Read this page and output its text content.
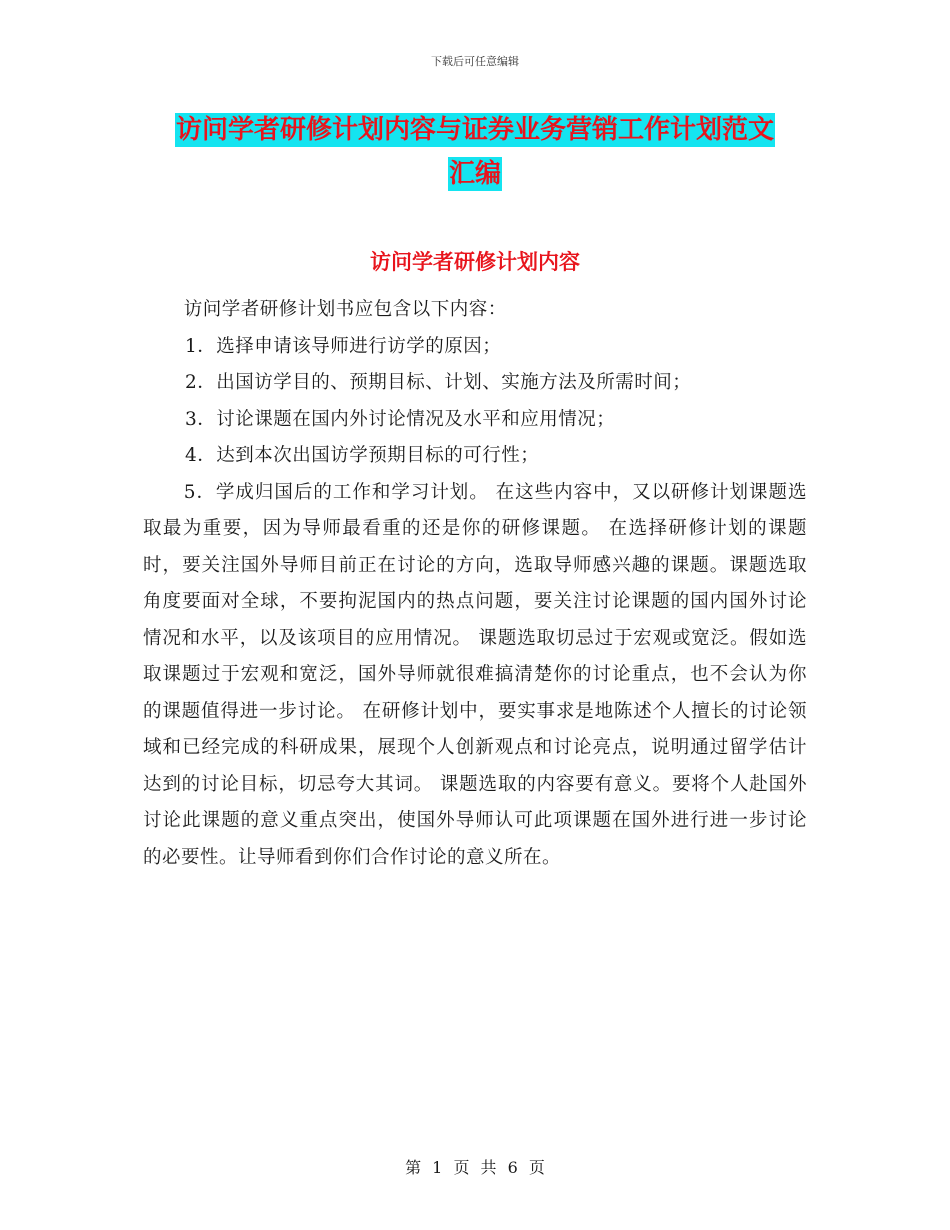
下载后可任意编辑
访问学者研修计划内容与证券业务营销工作计划范文
汇编
访问学者研修计划内容

访问学者研修计划书应包含以下内容：

1．选择申请该导师进行访学的原因；

2．出国访学目的、预期目标、计划、实施方法及所需时间；

3．讨论课题在国内外讨论情况及水平和应用情况；

4．达到本次出国访学预期目标的可行性；

5．学成归国后的工作和学习计划。 在这些内容中，又以研修计划课题选取最为重要，因为导师最看重的还是你的研修课题。 在选择研修计划的课题时，要关注国外导师目前正在讨论的方向，选取导师感兴趣的课题。课题选取角度要面对全球，不要拘泥国内的热点问题，要关注讨论课题的国内国外讨论情况和水平，以及该项目的应用情况。 课题选取切忌过于宏观或宽泛。假如选取课题过于宏观和宽泛，国外导师就很难搞清楚你的讨论重点，也不会认为你的课题值得进一步讨论。 在研修计划中，要实事求是地陈述个人擅长的讨论领域和已经完成的科研成果，展现个人创新观点和讨论亮点，说明通过留学估计达到的讨论目标，切忌夸大其词。 课题选取的内容要有意义。要将个人赴国外讨论此课题的意义重点突出，使国外导师认可此项课题在国外进行进一步讨论的必要性。让导师看到你们合作讨论的意义所在。

第 1 页 共 6 页
